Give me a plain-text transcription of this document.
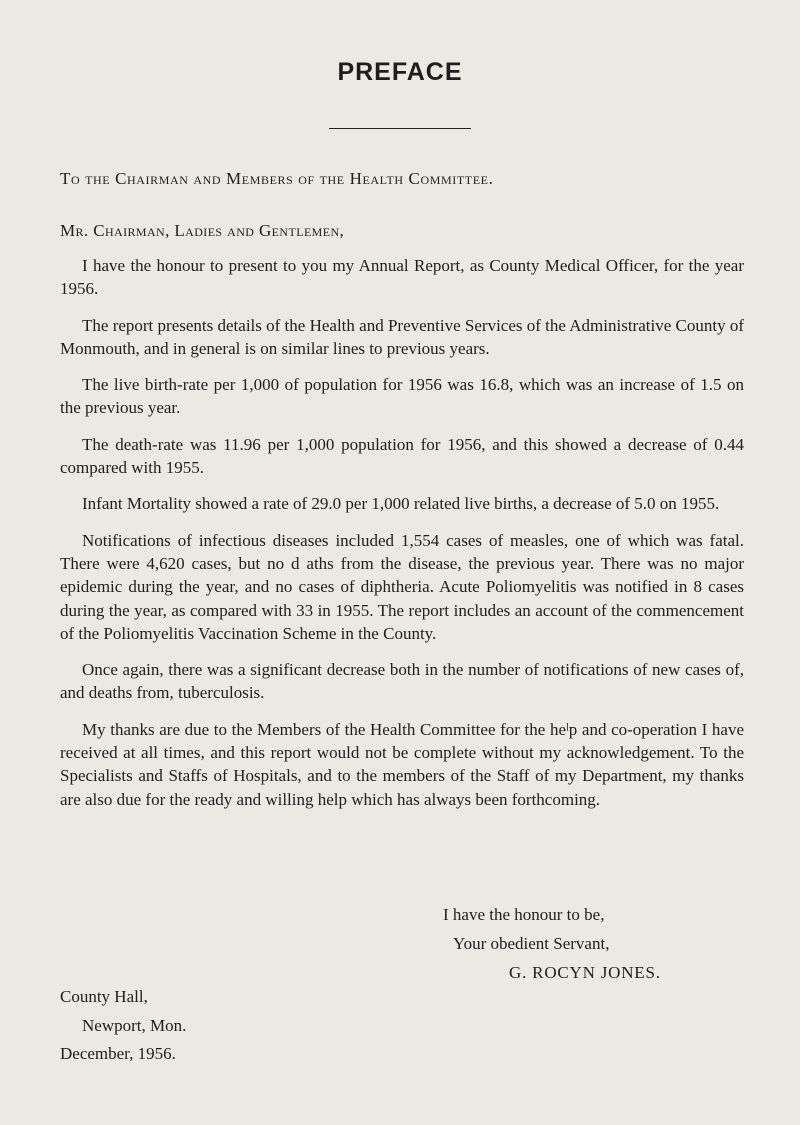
PREFACE
To the Chairman and Members of the Health Committee.
Mr. Chairman, Ladies and Gentlemen,

I have the honour to present to you my Annual Report, as County Medical Officer, for the year 1956.

The report presents details of the Health and Preventive Services of the Administrative County of Monmouth, and in general is on similar lines to previous years.

The live birth-rate per 1,000 of population for 1956 was 16.8, which was an increase of 1.5 on the previous year.

The death-rate was 11.96 per 1,000 population for 1956, and this showed a decrease of 0.44 compared with 1955.

Infant Mortality showed a rate of 29.0 per 1,000 related live births, a decrease of 5.0 on 1955.

Notifications of infectious diseases included 1,554 cases of measles, one of which was fatal. There were 4,620 cases, but no d aths from the disease, the previous year. There was no major epidemic during the year, and no cases of diphtheria. Acute Poliomyelitis was notified in 8 cases during the year, as compared with 33 in 1955. The report includes an account of the commencement of the Poliomyelitis Vaccination Scheme in the County.

Once again, there was a significant decrease both in the number of notifications of new cases of, and deaths from, tuberculosis.

My thanks are due to the Members of the Health Committee for the heˡp and co-operation I have received at all times, and this report would not be complete without my acknowledgement. To the Specialists and Staffs of Hospitals, and to the members of the Staff of my Department, my thanks are also due for the ready and willing help which has always been forthcoming.

I have the honour to be,
Your obedient Servant,
G. ROCYN JONES.
County Hall,
Newport, Mon.
December, 1956.
